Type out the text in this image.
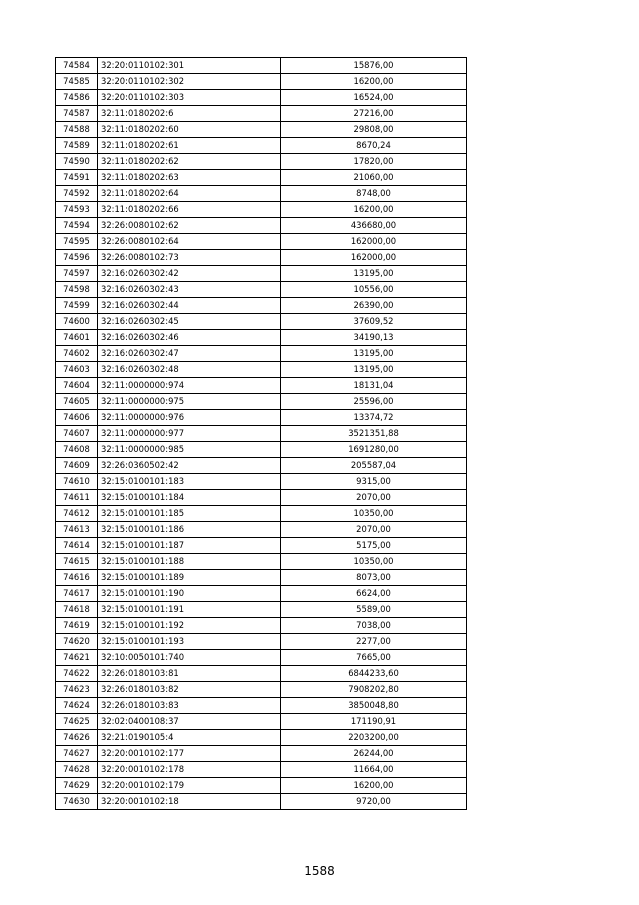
74584	32:20:0110102:301	15876,00
74585	32:20:0110102:302	16200,00
74586	32:20:0110102:303	16524,00
74587	32:11:0180202:6	27216,00
74588	32:11:0180202:60	29808,00
74589	32:11:0180202:61	8670,24
74590	32:11:0180202:62	17820,00
74591	32:11:0180202:63	21060,00
74592	32:11:0180202:64	8748,00
74593	32:11:0180202:66	16200,00
74594	32:26:0080102:62	436680,00
74595	32:26:0080102:64	162000,00
74596	32:26:0080102:73	162000,00
74597	32:16:0260302:42	13195,00
74598	32:16:0260302:43	10556,00
74599	32:16:0260302:44	26390,00
74600	32:16:0260302:45	37609,52
74601	32:16:0260302:46	34190,13
74602	32:16:0260302:47	13195,00
74603	32:16:0260302:48	13195,00
74604	32:11:0000000:974	18131,04
74605	32:11:0000000:975	25596,00
74606	32:11:0000000:976	13374,72
74607	32:11:0000000:977	3521351,88
74608	32:11:0000000:985	1691280,00
74609	32:26:0360502:42	205587,04
74610	32:15:0100101:183	9315,00
74611	32:15:0100101:184	2070,00
74612	32:15:0100101:185	10350,00
74613	32:15:0100101:186	2070,00
74614	32:15:0100101:187	5175,00
74615	32:15:0100101:188	10350,00
74616	32:15:0100101:189	8073,00
74617	32:15:0100101:190	6624,00
74618	32:15:0100101:191	5589,00
74619	32:15:0100101:192	7038,00
74620	32:15:0100101:193	2277,00
74621	32:10:0050101:740	7665,00
74622	32:26:0180103:81	6844233,60
74623	32:26:0180103:82	7908202,80
74624	32:26:0180103:83	3850048,80
74625	32:02:0400108:37	171190,91
74626	32:21:0190105:4	2203200,00
74627	32:20:0010102:177	26244,00
74628	32:20:0010102:178	11664,00
74629	32:20:0010102:179	16200,00
74630	32:20:0010102:18	9720,00
1588
